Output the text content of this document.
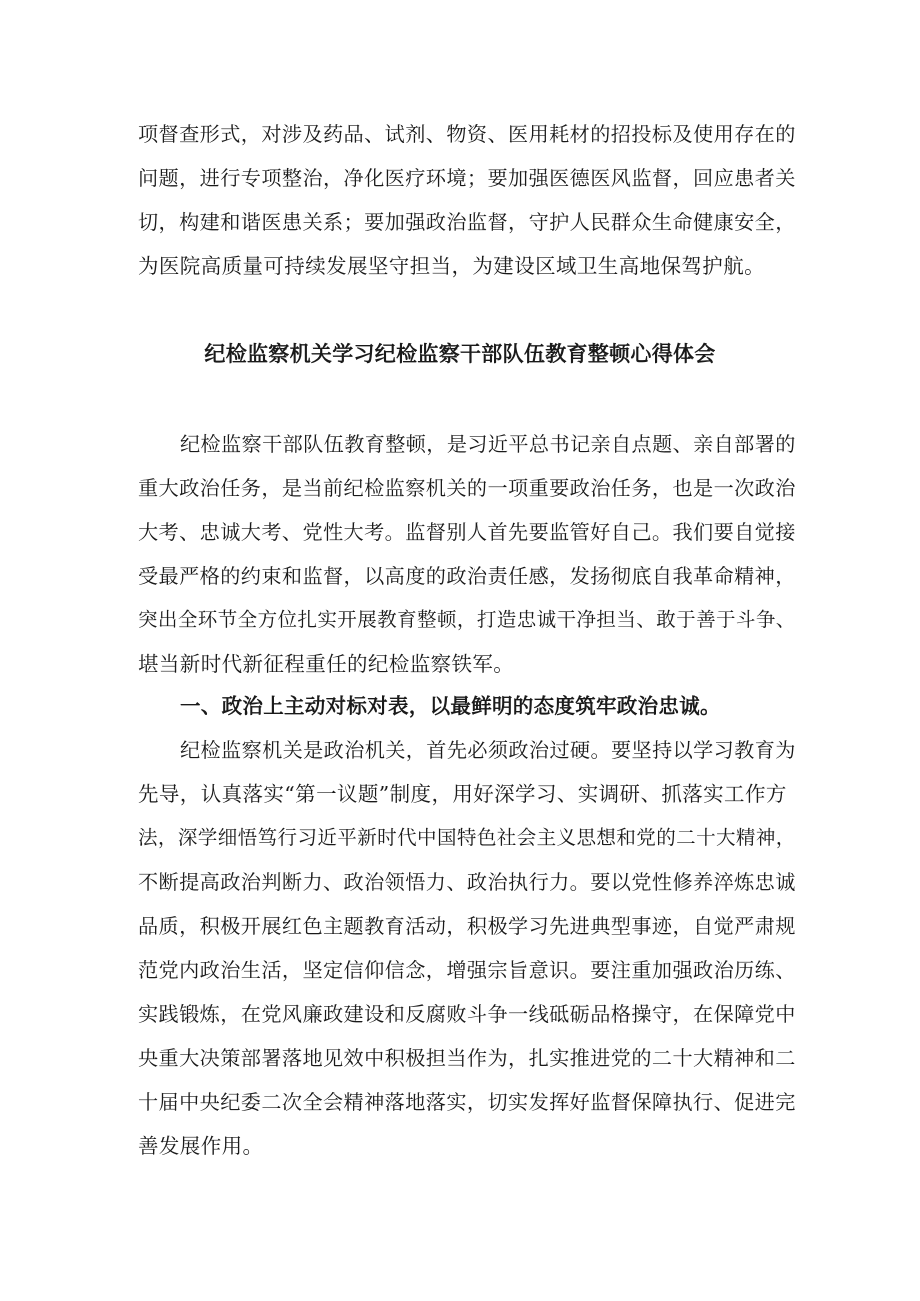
项督查形式，对涉及药品、试剂、物资、医用耗材的招投标及使用存在的
问题，进行专项整治，净化医疗环境；要加强医德医风监督，回应患者关
切，构建和谐医患关系；要加强政治监督，守护人民群众生命健康安全，
为医院高质量可持续发展坚守担当，为建设区域卫生高地保驾护航。
纪检监察机关学习纪检监察干部队伍教育整顿心得体会
纪检监察干部队伍教育整顿，是习近平总书记亲自点题、亲自部署的
重大政治任务，是当前纪检监察机关的一项重要政治任务，也是一次政治
大考、忠诚大考、党性大考。监督别人首先要监管好自己。我们要自觉接
受最严格的约束和监督，以高度的政治责任感，发扬彻底自我革命精神，
突出全环节全方位扎实开展教育整顿，打造忠诚干净担当、敢于善于斗争、
堪当新时代新征程重任的纪检监察铁军。
一、政治上主动对标对表，以最鲜明的态度筑牢政治忠诚。
纪检监察机关是政治机关，首先必须政治过硬。要坚持以学习教育为
先导，认真落实“第一议题”制度，用好深学习、实调研、抓落实工作方
法，深学细悟笃行习近平新时代中国特色社会主义思想和党的二十大精神，
不断提高政治判断力、政治领悟力、政治执行力。要以党性修养淬炼忠诚
品质，积极开展红色主题教育活动，积极学习先进典型事迹，自觉严肃规
范党内政治生活，坚定信仰信念，增强宗旨意识。要注重加强政治历练、
实践锻炼，在党风廉政建设和反腐败斗争一线砥砺品格操守，在保障党中
央重大决策部署落地见效中积极担当作为，扎实推进党的二十大精神和二
十届中央纪委二次全会精神落地落实，切实发挥好监督保障执行、促进完
善发展作用。
